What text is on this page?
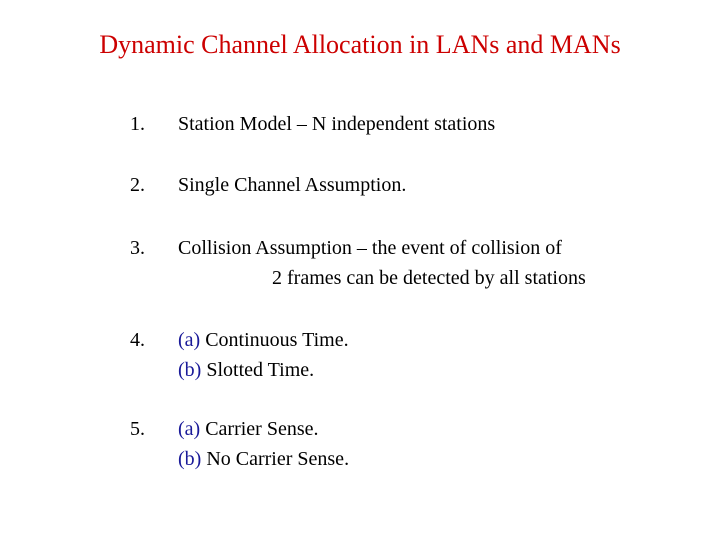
Dynamic Channel Allocation in LANs and MANs
1. Station Model – N independent stations
2. Single Channel Assumption.
3. Collision Assumption – the event of collision of
2 frames can be detected by all stations
4. (a) Continuous Time.
(b) Slotted Time.
5. (a) Carrier Sense.
(b) No Carrier Sense.
